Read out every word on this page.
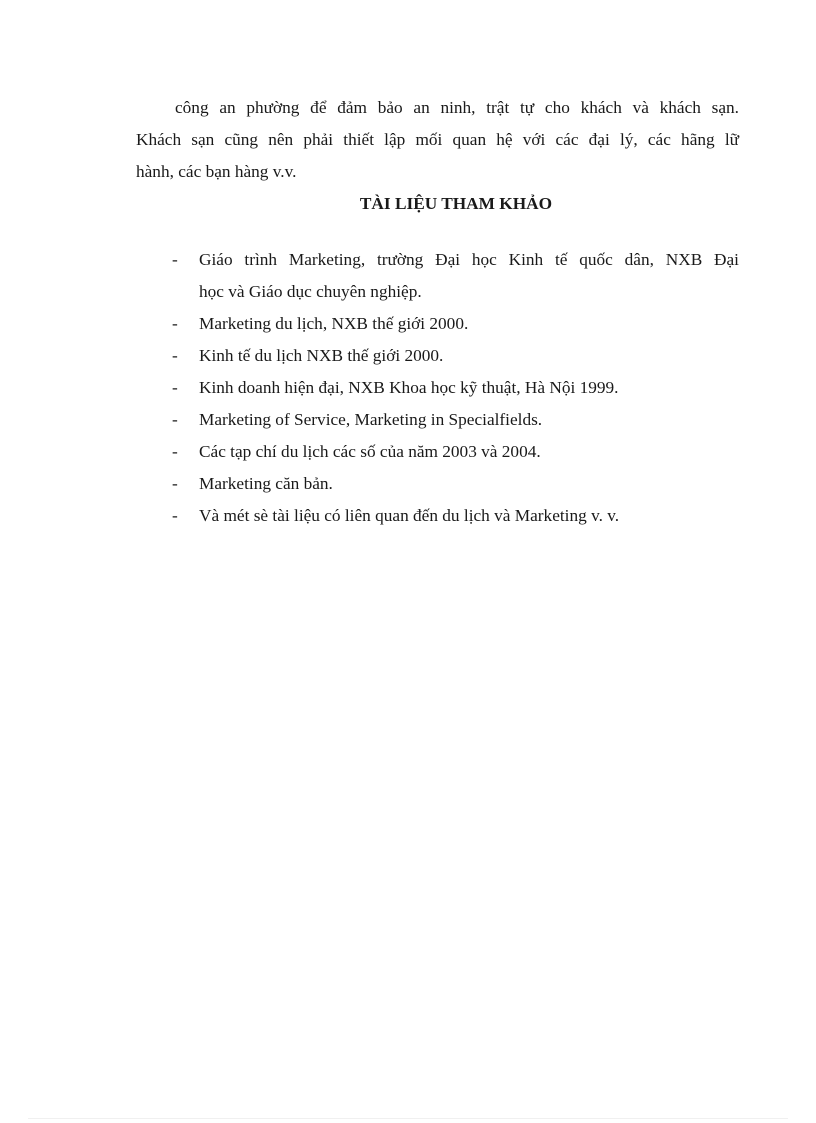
công an phường để đảm bảo an ninh, trật tự cho khách và khách sạn.
Khách sạn cũng nên phải thiết lập mối quan hệ với các đại lý, các hãng lữ
hành, các bạn hàng v.v.
TÀI LIỆU THAM KHẢO
- Giáo trình Marketing, trường Đại học Kinh tế quốc dân, NXB Đại
học và Giáo dục chuyên nghiệp.
- Marketing du lịch, NXB thế giới 2000.
- Kinh tế du lịch NXB thế giới 2000.
- Kinh doanh hiện đại, NXB Khoa học kỹ thuật, Hà Nội 1999.
- Marketing of Service, Marketing in Specialfields.
- Các tạp chí du lịch các số của năm 2003 và 2004.
- Marketing căn bản.
- Và mét sè tài liệu có liên quan đến du lịch và Marketing v. v.
